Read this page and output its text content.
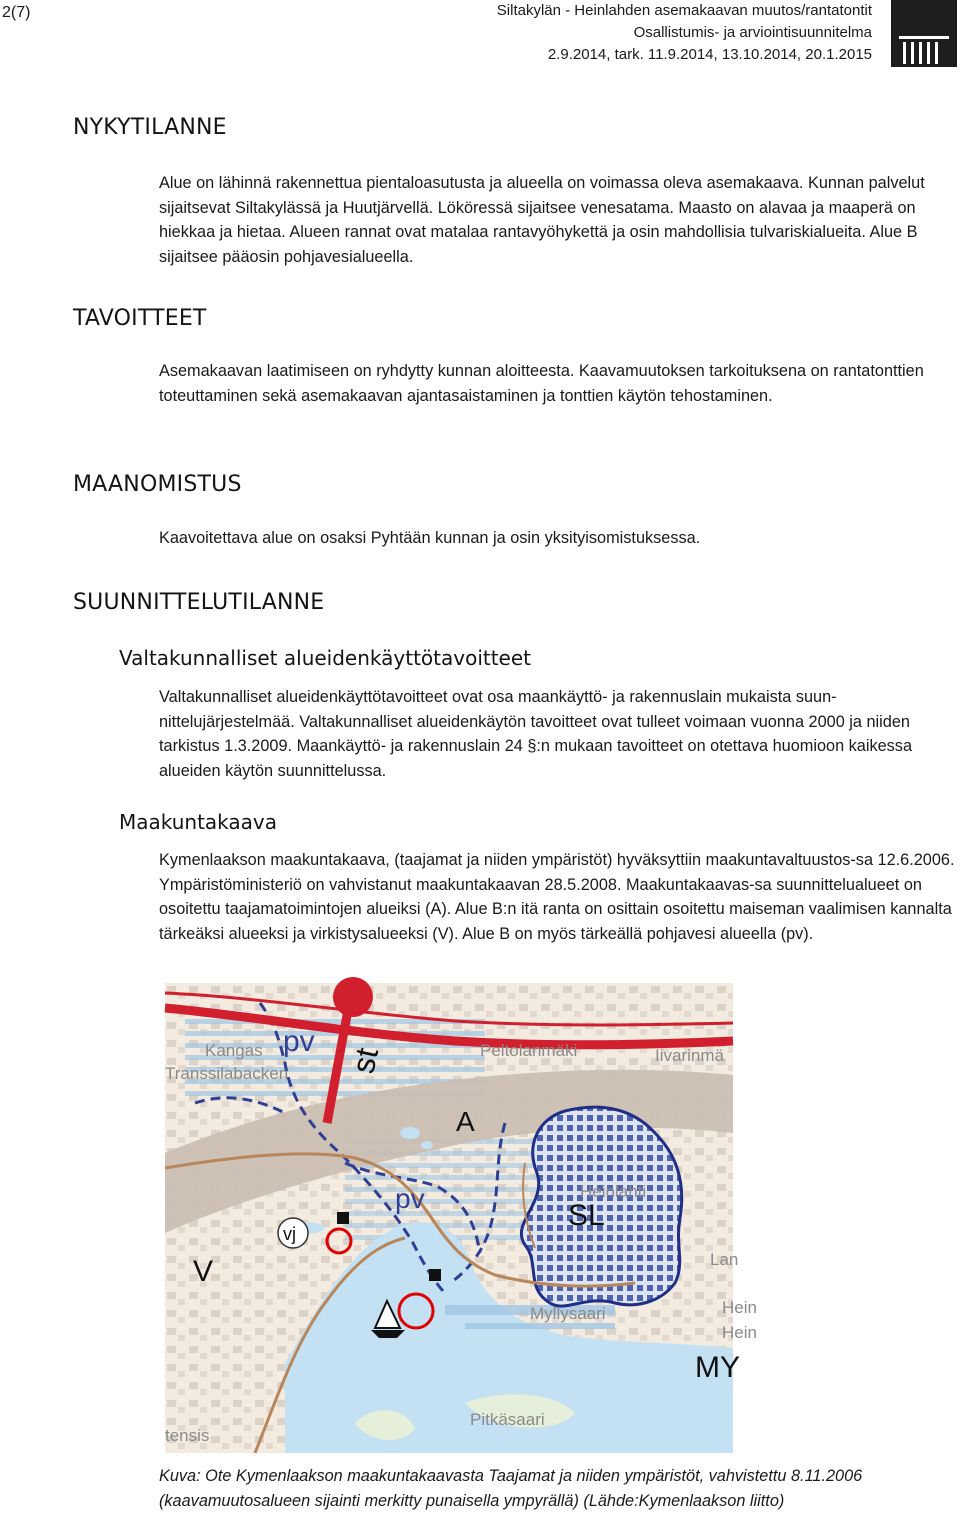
2(7)	Siltakylän - Heinlahden asemakaavan muutos/rantatontit
Osallistumis- ja arviointisuunnitelma
2.9.2014, tark. 11.9.2014, 13.10.2014, 20.1.2015
NYKYTILANNE

Alue on lähinnä rakennettua pientaloasutusta ja alueella on voimassa oleva asemakaava. Kunnan palvelut sijaitsevat Siltakylässä ja Huutjärvellä. Lököressä sijaitsee venesatama. Maasto on alavaa ja maaperä on hiekkaa ja hietaa. Alueen rannat ovat matalaa rantavyöhykettä ja osin mahdollisia tulvariskialueita. Alue B sijaitsee pääosin pohjavesialueella.

TAVOITTEET

Asemakaavan laatimiseen on ryhdytty kunnan aloitteesta. Kaavamuutoksen tarkoituksena on rantatonttien toteuttaminen sekä asemakaavan ajantasaistaminen ja tonttien käytön tehostaminen.

MAANOMISTUS

Kaavoitettava alue on osaksi Pyhtään kunnan ja osin yksityisomistuksessa.

SUUNNITTELUTILANNE
Valtakunnalliset alueidenkäyttötavoitteet

Valtakunnalliset alueidenkäyttötavoitteet ovat osa maankäyttö- ja rakennuslain mukaista suun-nittelujärjestelmää. Valtakunnalliset alueidenkäytön tavoitteet ovat tulleet voimaan vuonna 2000 ja niiden tarkistus 1.3.2009. Maankäyttö- ja rakennuslain 24 §:n mukaan tavoitteet on otettava huomioon kaikessa alueiden käytön suunnittelussa.

Maakuntakaava

Kymenlaakson maakuntakaava, (taajamat ja niiden ympäristöt) hyväksyttiin maakuntavaltuustos-sa 12.6.2006. Ympäristöministeriö on vahvistanut maakuntakaavan 28.5.2008. Maakuntakaavas-sa suunnittelualueet on osoitettu taajamatoimintojen alueiksi (A). Alue B:n itä ranta on osittain osoitettu maiseman vaalimisen kannalta tärkeäksi alueeksi ja virkistysalueeksi (V). Alue B on myös tärkeällä pohjavesi alueella (pv).

pv
st
Kangas
Transsilabacken
Peltolanmäki	Iivarinmä
A
pv	Heinlahti
SL
Lan
V
vj
Hein
Hein
MY
Myllysaari
Pitkäsaari
tensis

Kuva: Ote Kymenlaakson maakuntakaavasta Taajamat ja niiden ympäristöt, vahvistettu 8.11.2006 (kaavamuutosalueen sijainti merkitty punaisella ympyrällä) (Lähde:Kymenlaakson liitto)
